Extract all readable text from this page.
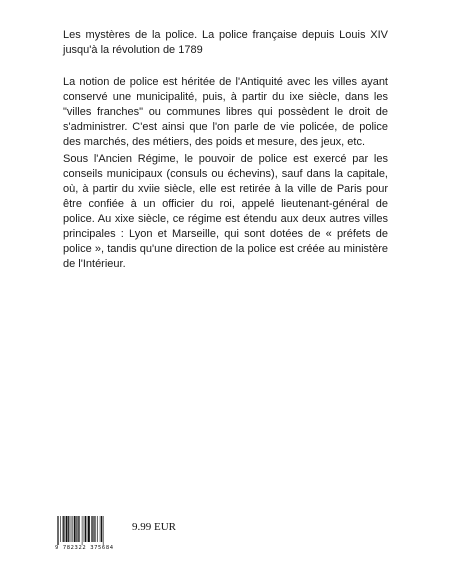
Les mystères de la police. La police française depuis Louis XIV jusqu'à la révolution de 1789
La notion de police est héritée de l'Antiquité avec les villes ayant conservé une municipalité, puis, à partir du ixe siècle, dans les "villes franches" ou communes libres qui possèdent le droit de s'administrer. C'est ainsi que l'on parle de vie policée, de police des marchés, des métiers, des poids et mesure, des jeux, etc.
Sous l'Ancien Régime, le pouvoir de police est exercé par les conseils municipaux (consuls ou échevins), sauf dans la capitale, où, à partir du xviie siècle, elle est retirée à la ville de Paris pour être confiée à un officier du roi, appelé lieutenant-général de police. Au xixe siècle, ce régime est étendu aux deux autres villes principales : Lyon et Marseille, qui sont dotées de « préfets de police », tandis qu'une direction de la police est créée au ministère de l'Intérieur.
9 782322 375684
9.99 EUR
